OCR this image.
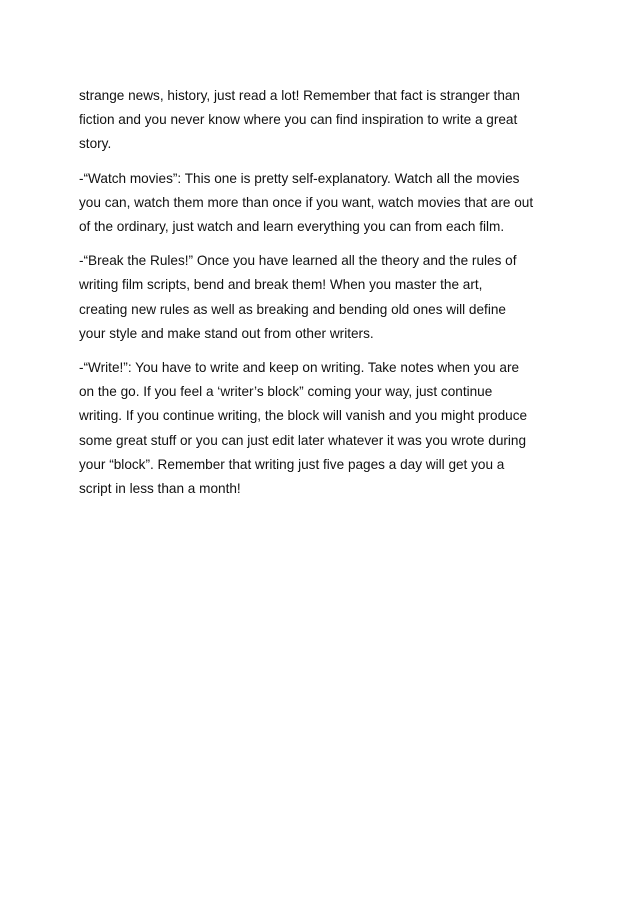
strange news, history, just read a lot! Remember that fact is stranger than
fiction and you never know where you can find inspiration to write a great
story.

-“Watch movies”: This one is pretty self-explanatory. Watch all the movies
you can, watch them more than once if you want, watch movies that are out
of the ordinary, just watch and learn everything you can from each film.

-“Break the Rules!” Once you have learned all the theory and the rules of
writing film scripts, bend and break them! When you master the art,
creating new rules as well as breaking and bending old ones will define
your style and make stand out from other writers.

-“Write!”: You have to write and keep on writing. Take notes when you are
on the go. If you feel a ‘writer’s block” coming your way, just continue
writing. If you continue writing, the block will vanish and you might produce
some great stuff or you can just edit later whatever it was you wrote during
your “block”. Remember that writing just five pages a day will get you a
script in less than a month!
